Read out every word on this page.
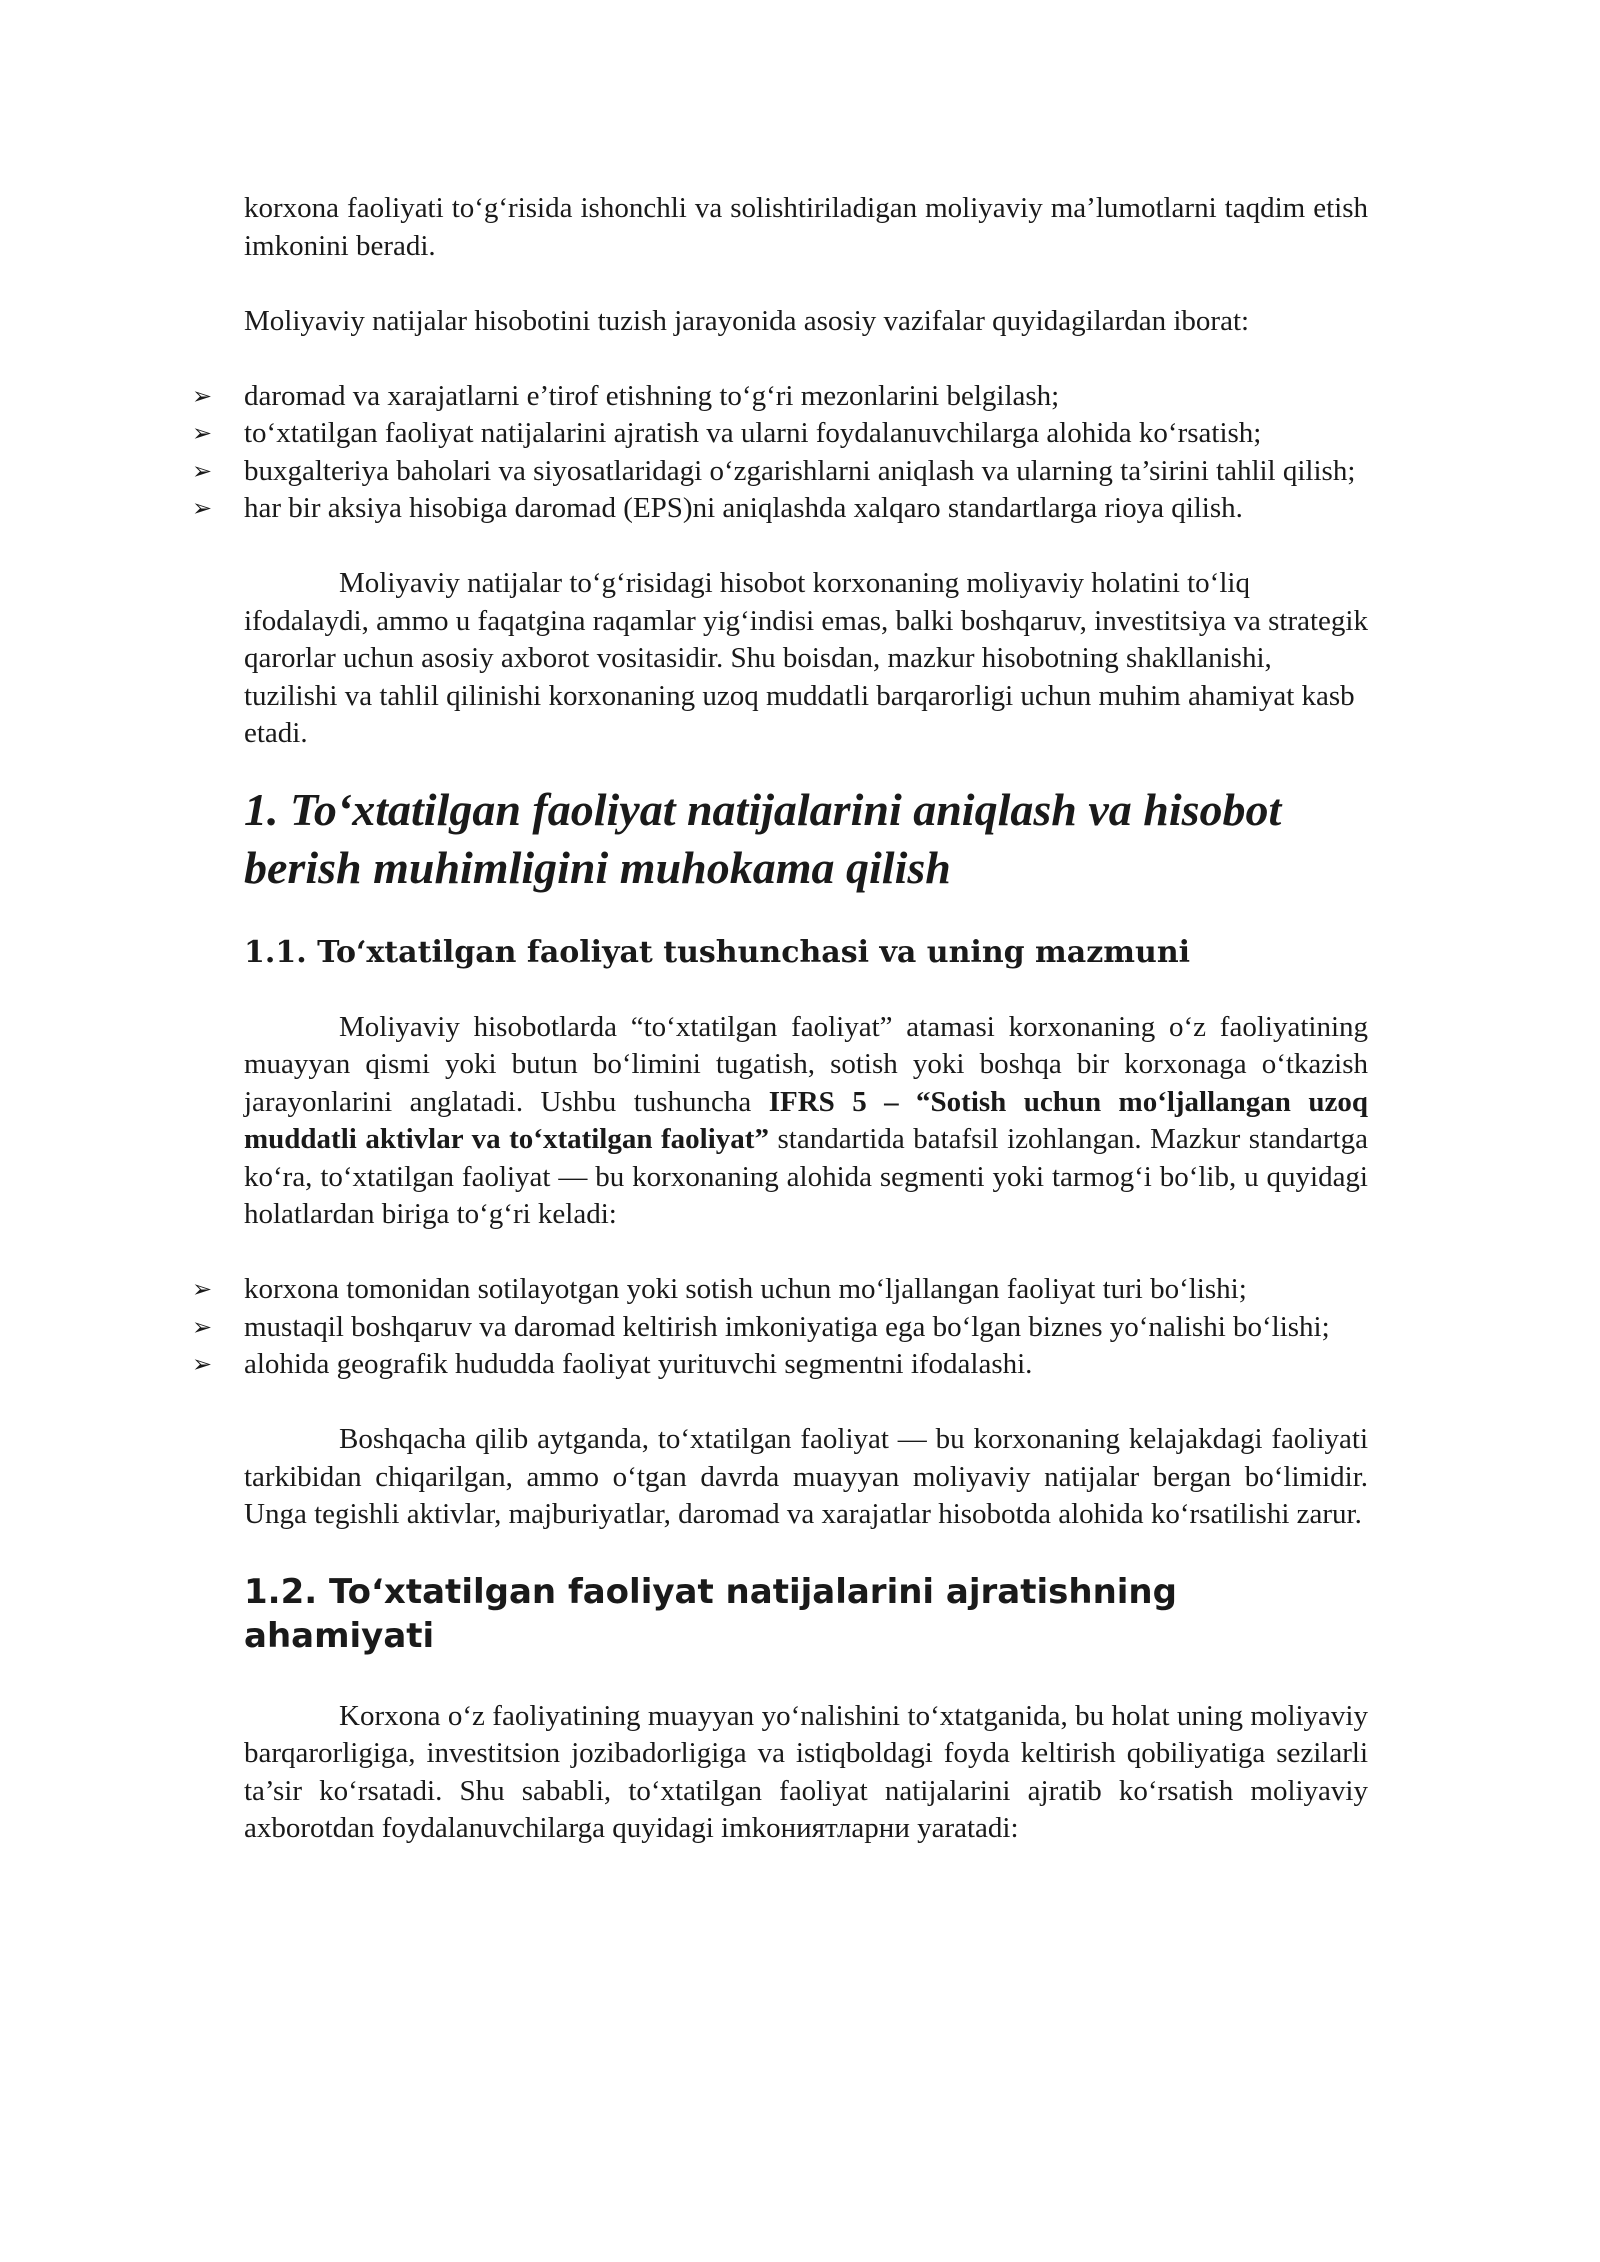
korxona faoliyati to‘g‘risida ishonchli va solishtiriladigan moliyaviy ma’lumotlarni taqdim etish imkonini beradi.

Moliyaviy natijalar hisobotini tuzish jarayonida asosiy vazifalar quyidagilardan iborat:

➢ daromad va xarajatlarni e’tirof etishning to‘g‘ri mezonlarini belgilash;
➢ to‘xtatilgan faoliyat natijalarini ajratish va ularni foydalanuvchilarga alohida ko‘rsatish;
➢ buxgalteriya baholari va siyosatlaridagi o‘zgarishlarni aniqlash va ularning ta’sirini tahlil qilish;
➢ har bir aksiya hisobiga daromad (EPS)ni aniqlashda xalqaro standartlarga rioya qilish.

Moliyaviy natijalar to‘g‘risidagi hisobot korxonaning moliyaviy holatini to‘liq ifodalaydi, ammo u faqatgina raqamlar yig‘indisi emas, balki boshqaruv, investitsiya va strategik qarorlar uchun asosiy axborot vositasidir. Shu boisdan, mazkur hisobotning shakllanishi, tuzilishi va tahlil qilinishi korxonaning uzoq muddatli barqarorligi uchun muhim ahamiyat kasb etadi.

1. To‘xtatilgan faoliyat natijalarini aniqlash va hisobot berish muhimligini muhokama qilish
1.1. To‘xtatilgan faoliyat tushunchasi va uning mazmuni

Moliyaviy hisobotlarda “to‘xtatilgan faoliyat” atamasi korxonaning o‘z faoliyatining muayyan qismi yoki butun bo‘limini tugatish, sotish yoki boshqa bir korxonaga o‘tkazish jarayonlarini anglatadi. Ushbu tushuncha IFRS 5 – “Sotish uchun mo‘ljallangan uzoq muddatli aktivlar va to‘xtatilgan faoliyat” standartida batafsil izohlangan. Mazkur standartga ko‘ra, to‘xtatilgan faoliyat — bu korxonaning alohida segmenti yoki tarmog‘i bo‘lib, u quyidagi holatlardan biriga to‘g‘ri keladi:

➢ korxona tomonidan sotilayotgan yoki sotish uchun mo‘ljallangan faoliyat turi bo‘lishi;
➢ mustaqil boshqaruv va daromad keltirish imkoniyatiga ega bo‘lgan biznes yo‘nalishi bo‘lishi;
➢ alohida geografik hududda faoliyat yurituvchi segmentni ifodalashi.

Boshqacha qilib aytganda, to‘xtatilgan faoliyat — bu korxonaning kelajakdagi faoliyati tarkibidan chiqarilgan, ammo o‘tgan davrda muayyan moliyaviy natijalar bergan bo‘limidir. Unga tegishli aktivlar, majburiyatlar, daromad va xarajatlar hisobotda alohida ko‘rsatilishi zarur.

1.2. To‘xtatilgan faoliyat natijalarini ajratishning ahamiyati

Korxona o‘z faoliyatining muayyan yo‘nalishini to‘xtatganida, bu holat uning moliyaviy barqarorligiga, investitsion jozibadorligiga va istiqboldagi foyda keltirish qobiliyatiga sezilarli ta’sir ko‘rsatadi. Shu sababli, to‘xtatilgan faoliyat natijalarini ajratib ko‘rsatish moliyaviy axborotdan foydalanuvchilarga quyidagi imkониятларни yaratadi:
